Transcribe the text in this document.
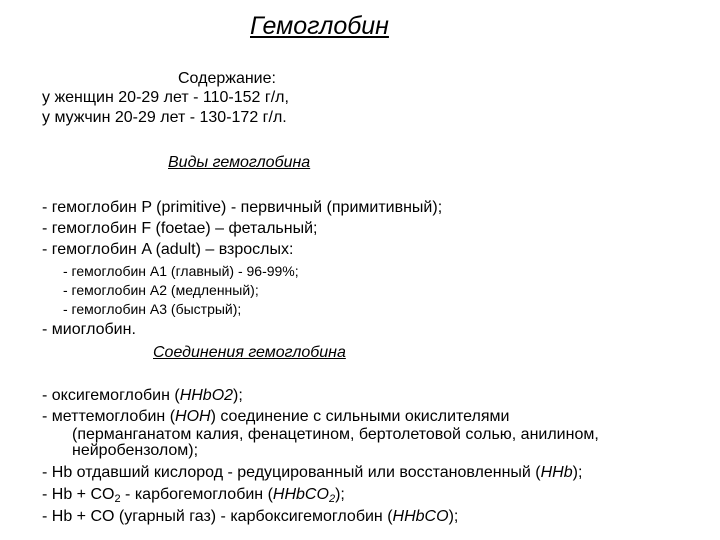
Гемоглобин
Содержание:
у женщин 20-29 лет - 110-152 г/л,
у мужчин 20-29 лет - 130-172 г/л.
Виды гемоглобина
- гемоглобин P (primitive) - первичный (примитивный);
- гемоглобин F (foetae) – фетальный;
- гемоглобин A (adult) – взрослых:
- гемоглобин A1 (главный) - 96-99%;
- гемоглобин A2 (медленный);
- гемоглобин A3 (быстрый);
- миоглобин.
Соединения гемоглобина
- оксигемоглобин (HHbO2);
- меттемоглобин (HOH) соединение с сильными окислителями
(перманганатом калия, фенацетином, бертолетовой солью, анилином,
нейробензолом);
- Hb отдавший кислород - редуцированный или восстановленный (HHb);
- $Hb + CO_2$ - карбогемоглобин (HHbCO$_2$);
- Hb + CO (угарный газ) - карбоксигемоглобин (HHbCO);
